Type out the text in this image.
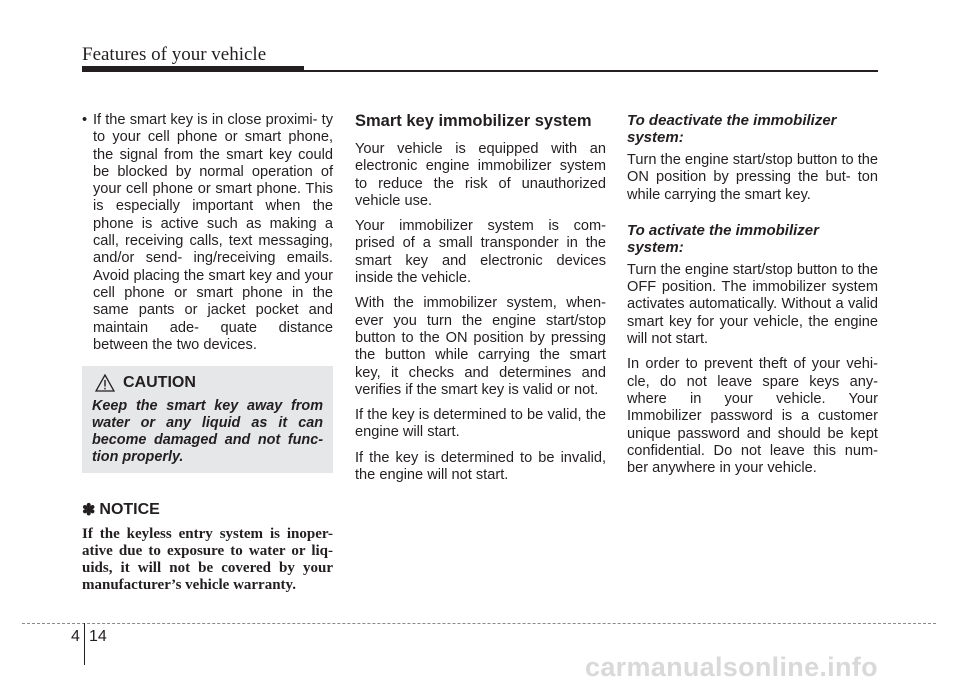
Features of your vehicle
• If the smart key is in close proximi- ty to your cell phone or smart phone, the signal from the smart key could be blocked by normal operation of your cell phone or smart phone. This is especially important when the phone is active such as making a call, receiving calls, text messaging, and/or send- ing/receiving emails. Avoid placing the smart key and your cell phone or smart phone in the same pants or jacket pocket and maintain ade- quate distance between the two devices.
CAUTION
Keep the smart key away from water or any liquid as it can become damaged and not func- tion properly.
✽ NOTICE
If the keyless entry system is inoper- ative due to exposure to water or liq- uids, it will not be covered by your manufacturer’s vehicle warranty.
Smart key immobilizer system

Your vehicle is equipped with an electronic engine immobilizer system to reduce the risk of unauthorized vehicle use.

Your immobilizer system is com- prised of a small transponder in the smart key and electronic devices inside the vehicle.

With the immobilizer system, when- ever you turn the engine start/stop button to the ON position by pressing the button while carrying the smart key, it checks and determines and verifies if the smart key is valid or not.

If the key is determined to be valid, the engine will start.

If the key is determined to be invalid, the engine will not start.

To deactivate the immobilizer system:

Turn the engine start/stop button to the ON position by pressing the but- ton while carrying the smart key.

To activate the immobilizer system:

Turn the engine start/stop button to the OFF position. The immobilizer system activates automatically. Without a valid smart key for your vehicle, the engine will not start.

In order to prevent theft of your vehi- cle, do not leave spare keys any- where in your vehicle. Your Immobilizer password is a customer unique password and should be kept confidential. Do not leave this num- ber anywhere in your vehicle.

4 14
carmanualsonline.info
